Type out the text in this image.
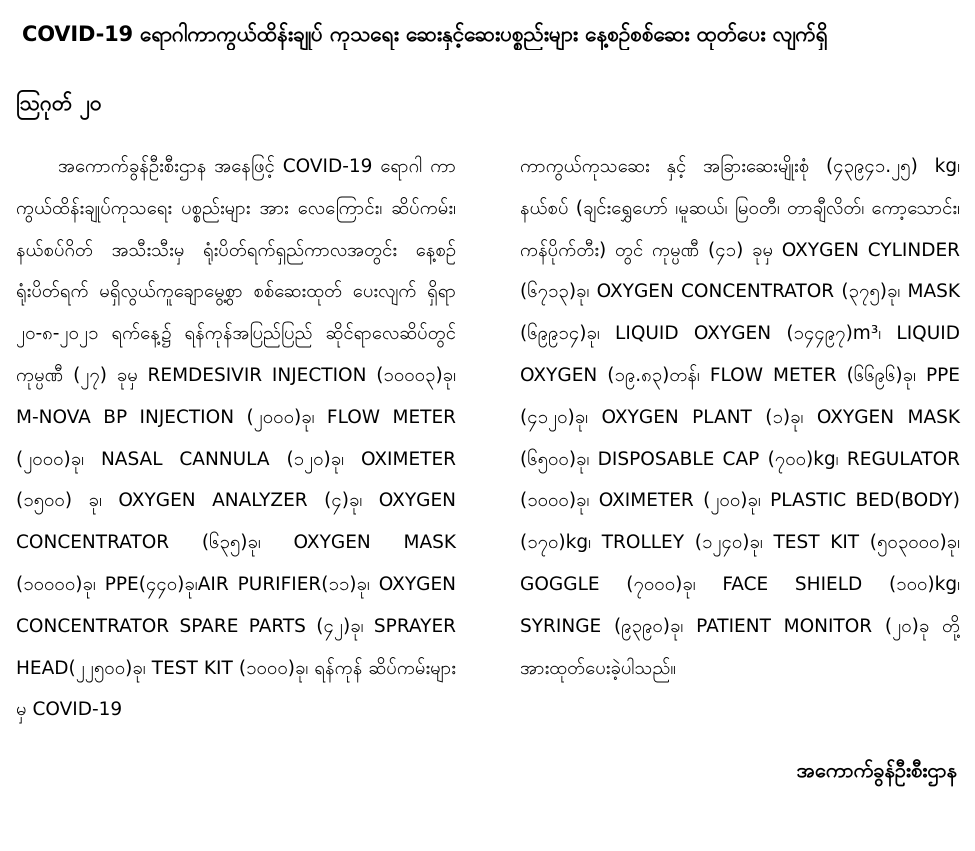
COVID-19 ရောဂါကာကွယ်ထိန်းချုပ် ကုသရေး ဆေးနှင့်ဆေးပစ္စည်းများ နေ့စဉ်စစ်ဆေး ထုတ်ပေး လျက်ရှိ
ဩဂုတ် ၂၀

အကောက်ခွန်ဦးစီးဌာန အနေဖြင့် COVID-19 ရောဂါ ကာကွယ်ထိန်းချုပ်ကုသရေး ပစ္စည်းများ အား လေကြောင်း၊ ဆိပ်ကမ်း၊ နယ်စပ်ဂိတ် အသီးသီးမှ ရုံးပိတ်ရက်ရှည်ကာလအတွင်း နေ့စဉ်ရုံးပိတ်ရက် မရှိလွယ်ကူချောမွေ့စွာ စစ်ဆေးထုတ် ပေးလျက် ရှိရာ ၂၀-၈-၂၀၂၁ ရက်နေ့၌ ရန်ကုန်အပြည်ပြည် ဆိုင်ရာလေဆိပ်တွင် ကုမ္ပဏီ (၂၇) ခုမှ REMDESIVIR INJECTION (၁၀၀၀၃)ခု၊ M-NOVA BP INJECTION (၂၀၀၀)ခု၊ FLOW METER (၂၀၀၀)ခု၊ NASAL CANNULA (၁၂၀)ခု၊ OXIMETER (၁၅၀၀) ခု၊ OXYGEN ANALYZER (၄)ခု၊ OXYGEN CONCENTRATOR (၆၃၅)ခု၊ OXYGEN MASK (၁၀၀၀၀)ခု၊ PPE(၄၄၀)ခု၊AIR PURIFIER(၁၁)ခု၊ OXYGEN CONCENTRATOR SPARE PARTS (၄၂)ခု၊ SPRAYER HEAD(၂၂၅၀၀)ခု၊ TEST KIT (၁၀၀၀)ခု၊ ရန်ကုန် ဆိပ်ကမ်းများမှ COVID-19

ကာကွယ်ကုသဆေး နှင့် အခြားဆေးမျိုးစုံ (၄၃၉၄၁.၂၅) kg၊ နယ်စပ် (ချင်းရွှေဟော် ၊မူဆယ်၊ မြဝတီ၊ တာချီလိတ်၊ ကော့သောင်း၊ ကန်ပိုက်တီး) တွင် ကုမ္ပဏီ (၄၁) ခုမှ OXYGEN CYLINDER (၆၇၁၃)ခု၊ OXYGEN CONCENTRATOR (၃၇၅)ခု၊ MASK (၆၉၉၁၄)ခု၊ LIQUID OXYGEN (၁၄၄၉၇)m³၊ LIQUID OXYGEN (၁၉.၈၃)တန်၊ FLOW METER (၆၆၉၆)ခု၊ PPE (၄၁၂၀)ခု၊ OXYGEN PLANT (၁)ခု၊ OXYGEN MASK (၆၅၀၀)ခု၊ DISPOSABLE CAP (၇၀၀)kg၊ REGULATOR (၁၀၀၀)ခု၊ OXIMETER (၂၀၀)ခု၊ PLASTIC BED(BODY) (၁၇၀)kg၊ TROLLEY (၁၂၄၀)ခု၊ TEST KIT (၅၀၃၀၀၀)ခု၊ GOGGLE (၇၀၀၀)ခု၊ FACE SHIELD (၁၀၀)kg၊ SYRINGE (၉၃၉၀)ခု၊ PATIENT MONITOR (၂၀)ခု တို့အားထုတ်ပေးခဲ့ပါသည်။

အကောက်ခွန်ဦးစီးဌာန
